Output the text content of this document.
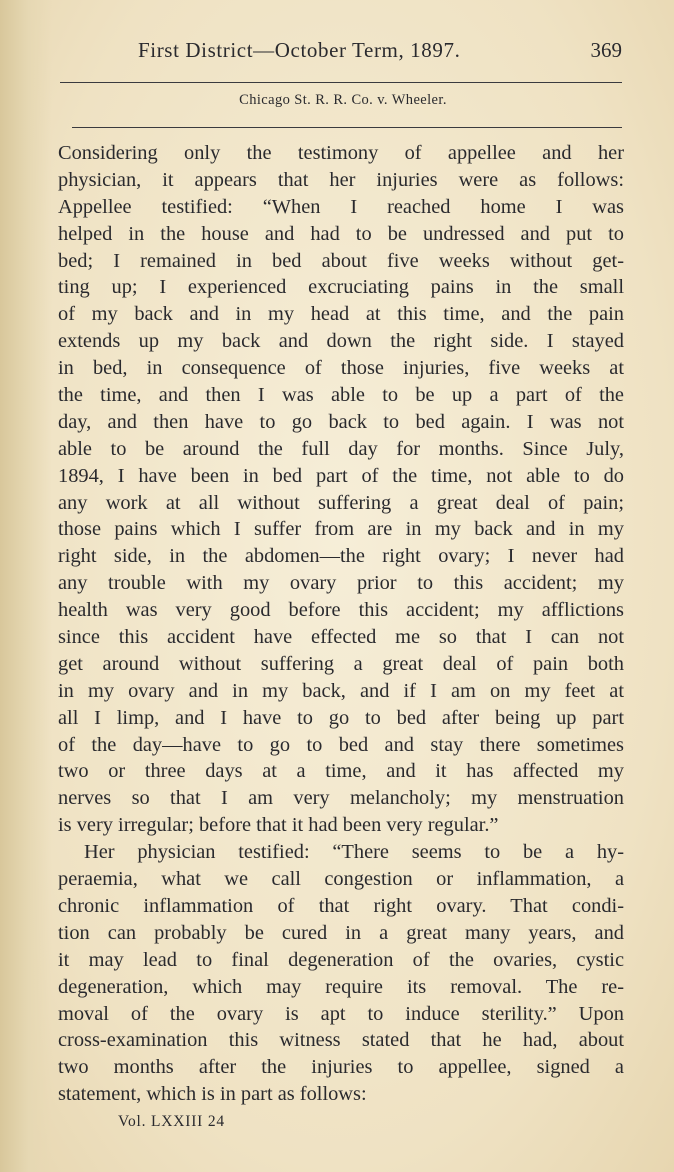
First District—October Term, 1897.	369
Chicago St. R. R. Co. v. Wheeler.
Considering only the testimony of appellee and her
physician, it appears that her injuries were as follows:
Appellee testified: “When I reached home I was
helped in the house and had to be undressed and put to
bed; I remained in bed about five weeks without get-
ting up; I experienced excruciating pains in the small
of my back and in my head at this time, and the pain
extends up my back and down the right side. I stayed
in bed, in consequence of those injuries, five weeks at
the time, and then I was able to be up a part of the
day, and then have to go back to bed again. I was not
able to be around the full day for months. Since July,
1894, I have been in bed part of the time, not able to do
any work at all without suffering a great deal of pain;
those pains which I suffer from are in my back and in my
right side, in the abdomen—the right ovary; I never had
any trouble with my ovary prior to this accident; my
health was very good before this accident; my afflictions
since this accident have effected me so that I can not
get around without suffering a great deal of pain both
in my ovary and in my back, and if I am on my feet at
all I limp, and I have to go to bed after being up part
of the day—have to go to bed and stay there sometimes
two or three days at a time, and it has affected my
nerves so that I am very melancholy; my menstruation
is very irregular; before that it had been very regular.”
Her physician testified: “There seems to be a hy-
peraemia, what we call congestion or inflammation, a
chronic inflammation of that right ovary. That condi-
tion can probably be cured in a great many years, and
it may lead to final degeneration of the ovaries, cystic
degeneration, which may require its removal. The re-
moval of the ovary is apt to induce sterility.” Upon
cross-examination this witness stated that he had, about
two months after the injuries to appellee, signed a
statement, which is in part as follows:
Vol. LXXIII 24
